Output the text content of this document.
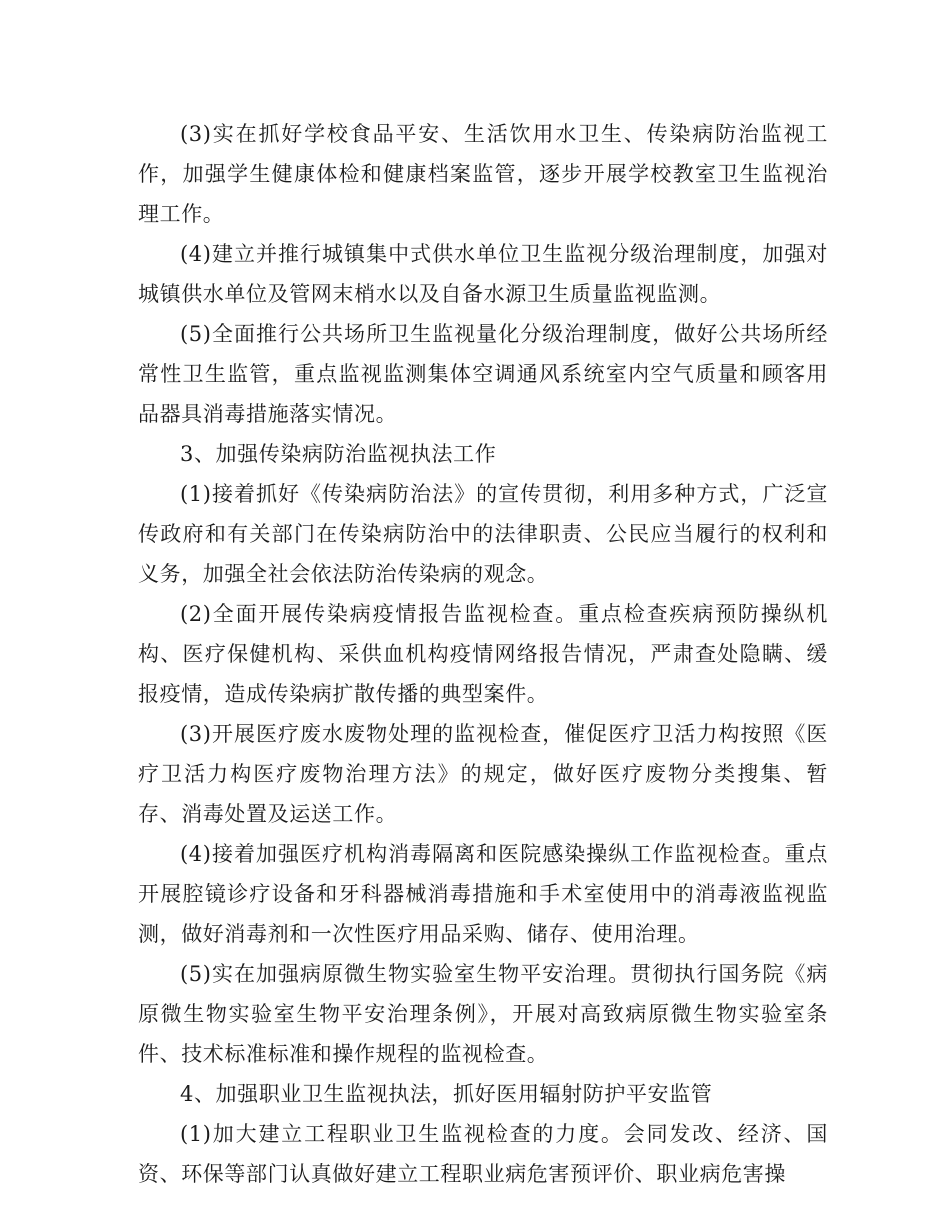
(3)实在抓好学校食品平安、生活饮用水卫生、传染病防治监视工作，加强学生健康体检和健康档案监管，逐步开展学校教室卫生监视治理工作。

(4)建立并推行城镇集中式供水单位卫生监视分级治理制度，加强对城镇供水单位及管网末梢水以及自备水源卫生质量监视监测。

(5)全面推行公共场所卫生监视量化分级治理制度，做好公共场所经常性卫生监管，重点监视监测集体空调通风系统室内空气质量和顾客用品器具消毒措施落实情况。

3、加强传染病防治监视执法工作

(1)接着抓好《传染病防治法》的宣传贯彻，利用多种方式，广泛宣传政府和有关部门在传染病防治中的法律职责、公民应当履行的权利和义务，加强全社会依法防治传染病的观念。

(2)全面开展传染病疫情报告监视检查。重点检查疾病预防操纵机构、医疗保健机构、采供血机构疫情网络报告情况，严肃查处隐瞒、缓报疫情，造成传染病扩散传播的典型案件。

(3)开展医疗废水废物处理的监视检查，催促医疗卫活力构按照《医疗卫活力构医疗废物治理方法》的规定，做好医疗废物分类搜集、暂存、消毒处置及运送工作。

(4)接着加强医疗机构消毒隔离和医院感染操纵工作监视检查。重点开展腔镜诊疗设备和牙科器械消毒措施和手术室使用中的消毒液监视监测，做好消毒剂和一次性医疗用品采购、储存、使用治理。

(5)实在加强病原微生物实验室生物平安治理。贯彻执行国务院《病原微生物实验室生物平安治理条例》，开展对高致病原微生物实验室条件、技术标准标准和操作规程的监视检查。

4、加强职业卫生监视执法，抓好医用辐射防护平安监管

(1)加大建立工程职业卫生监视检查的力度。会同发改、经济、国资、环保等部门认真做好建立工程职业病危害预评价、职业病危害操
